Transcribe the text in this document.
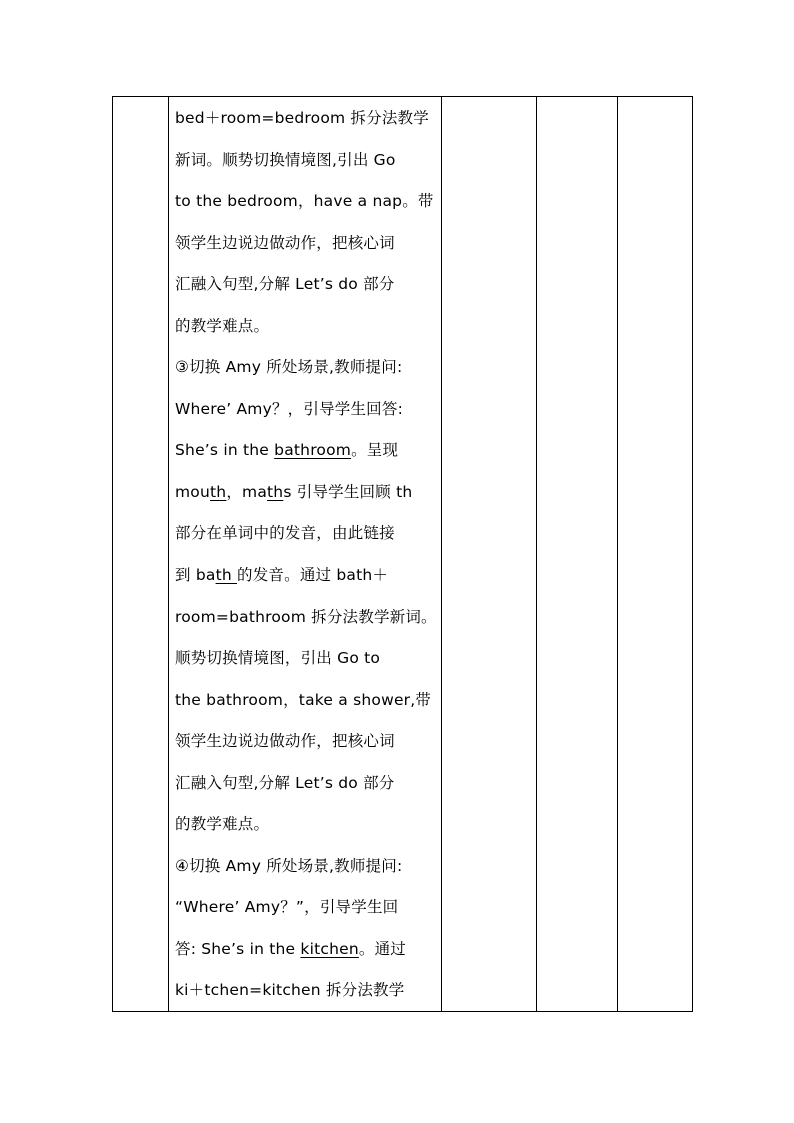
bed＋room=bedroom 拆分法教学
新词。顺势切换情境图,引出 Go
to the bedroom，have a nap。带
领学生边说边做动作，把核心词
汇融入句型,分解 Let’s do 部分
的教学难点。
③切换 Amy 所处场景,教师提问:
Where’ Amy？，引导学生回答:
She’s in the bathroom。呈现
mouth，maths 引导学生回顾 th
部分在单词中的发音，由此链接
到 bath 的发音。通过 bath＋
room=bathroom 拆分法教学新词。
顺势切换情境图，引出 Go to
the bathroom，take a shower,带
领学生边说边做动作，把核心词
汇融入句型,分解 Let’s do 部分
的教学难点。
④切换 Amy 所处场景,教师提问:
“Where’ Amy？”，引导学生回
答: She’s in the kitchen。通过
ki＋tchen=kitchen 拆分法教学
